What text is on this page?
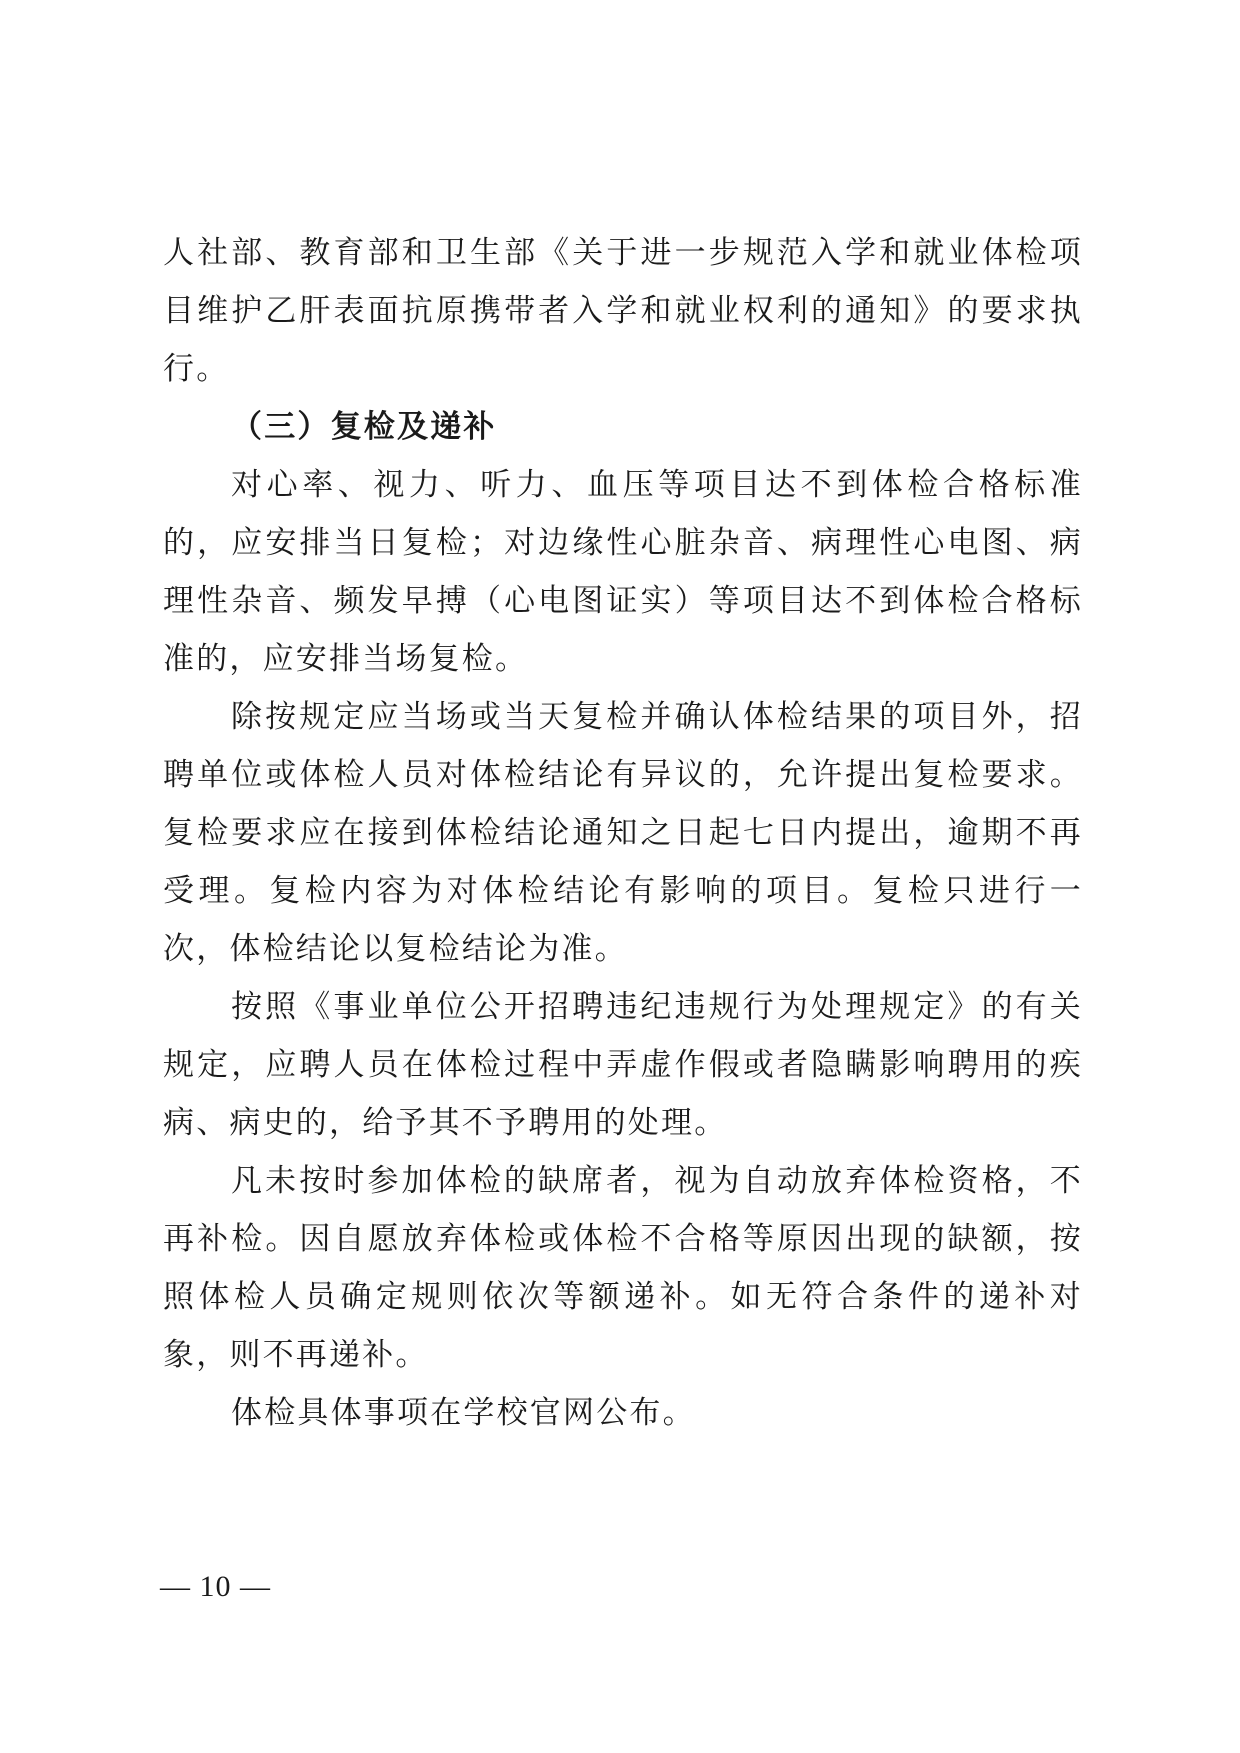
人社部、教育部和卫生部《关于进一步规范入学和就业体检项目维护乙肝表面抗原携带者入学和就业权利的通知》的要求执行。

（三）复检及递补

对心率、视力、听力、血压等项目达不到体检合格标准的，应安排当日复检；对边缘性心脏杂音、病理性心电图、病理性杂音、频发早搏（心电图证实）等项目达不到体检合格标准的，应安排当场复检。

除按规定应当场或当天复检并确认体检结果的项目外，招聘单位或体检人员对体检结论有异议的，允许提出复检要求。复检要求应在接到体检结论通知之日起七日内提出，逾期不再受理。复检内容为对体检结论有影响的项目。复检只进行一次，体检结论以复检结论为准。

按照《事业单位公开招聘违纪违规行为处理规定》的有关规定，应聘人员在体检过程中弄虚作假或者隐瞒影响聘用的疾病、病史的，给予其不予聘用的处理。

凡未按时参加体检的缺席者，视为自动放弃体检资格，不再补检。因自愿放弃体检或体检不合格等原因出现的缺额，按照体检人员确定规则依次等额递补。如无符合条件的递补对象，则不再递补。

体检具体事项在学校官网公布。

— 10 —
